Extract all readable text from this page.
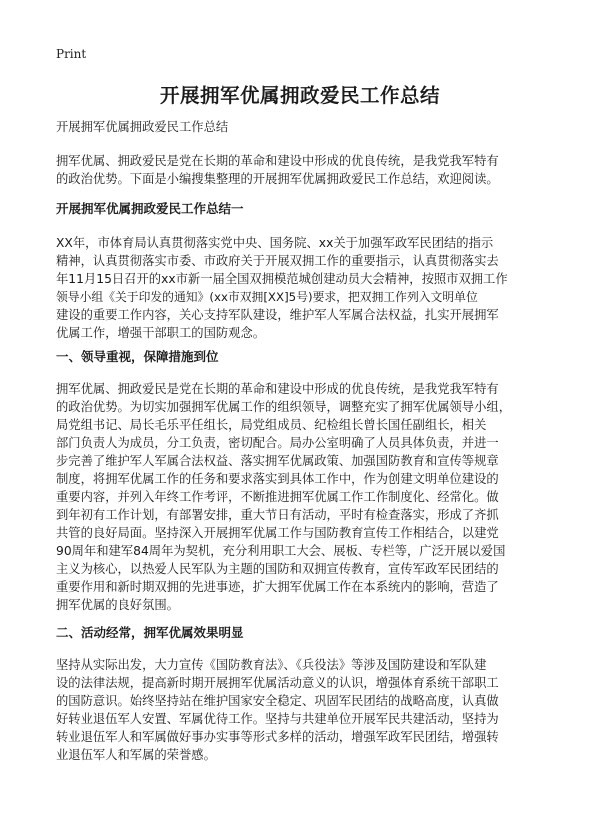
Print
开展拥军优属拥政爱民工作总结
开展拥军优属拥政爱民工作总结
拥军优属、拥政爱民是党在长期的革命和建设中形成的优良传统，是我党我军特有
的政治优势。下面是小编搜集整理的开展拥军优属拥政爱民工作总结，欢迎阅读。
开展拥军优属拥政爱民工作总结一
XX年，市体育局认真贯彻落实党中央、国务院、xx关于加强军政军民团结的指示
精神，认真贯彻落实市委、市政府关于开展双拥工作的重要指示，认真贯彻落实去
年11月15日召开的xx市新一届全国双拥模范城创建动员大会精神，按照市双拥工作
领导小组《关于印发的通知》(xx市双拥[XX]5号)要求，把双拥工作列入文明单位
建设的重要工作内容，关心支持军队建设，维护军人军属合法权益，扎实开展拥军
优属工作，增强干部职工的国防观念。
一、领导重视，保障措施到位
拥军优属、拥政爱民是党在长期的革命和建设中形成的优良传统，是我党我军特有
的政治优势。为切实加强拥军优属工作的组织领导，调整充实了拥军优属领导小组，
局党组书记、局长毛乐平任组长，局党组成员、纪检组长曾长国任副组长，相关
部门负责人为成员，分工负责，密切配合。局办公室明确了人员具体负责，并进一
步完善了维护军人军属合法权益、落实拥军优属政策、加强国防教育和宣传等规章
制度，将拥军优属工作的任务和要求落实到具体工作中，作为创建文明单位建设的
重要内容，并列入年终工作考评，不断推进拥军优属工作工作制度化、经常化。做
到年初有工作计划，有部署安排，重大节日有活动，平时有检查落实，形成了齐抓
共管的良好局面。坚持深入开展拥军优属工作与国防教育宣传工作相结合，以建党
90周年和建军84周年为契机，充分利用职工大会、展板、专栏等，广泛开展以爱国
主义为核心，以热爱人民军队为主题的国防和双拥宣传教育，宣传军政军民团结的
重要作用和新时期双拥的先进事迹，扩大拥军优属工作在本系统内的影响，营造了
拥军优属的良好氛围。
二、活动经常，拥军优属效果明显
坚持从实际出发，大力宣传《国防教育法》、《兵役法》等涉及国防建设和军队建
设的法律法规，提高新时期开展拥军优属活动意义的认识，增强体育系统干部职工
的国防意识。始终坚持站在维护国家安全稳定、巩固军民团结的战略高度，认真做
好转业退伍军人安置、军属优待工作。坚持与共建单位开展军民共建活动，坚持为
转业退伍军人和军属做好事办实事等形式多样的活动，增强军政军民团结，增强转
业退伍军人和军属的荣誉感。
